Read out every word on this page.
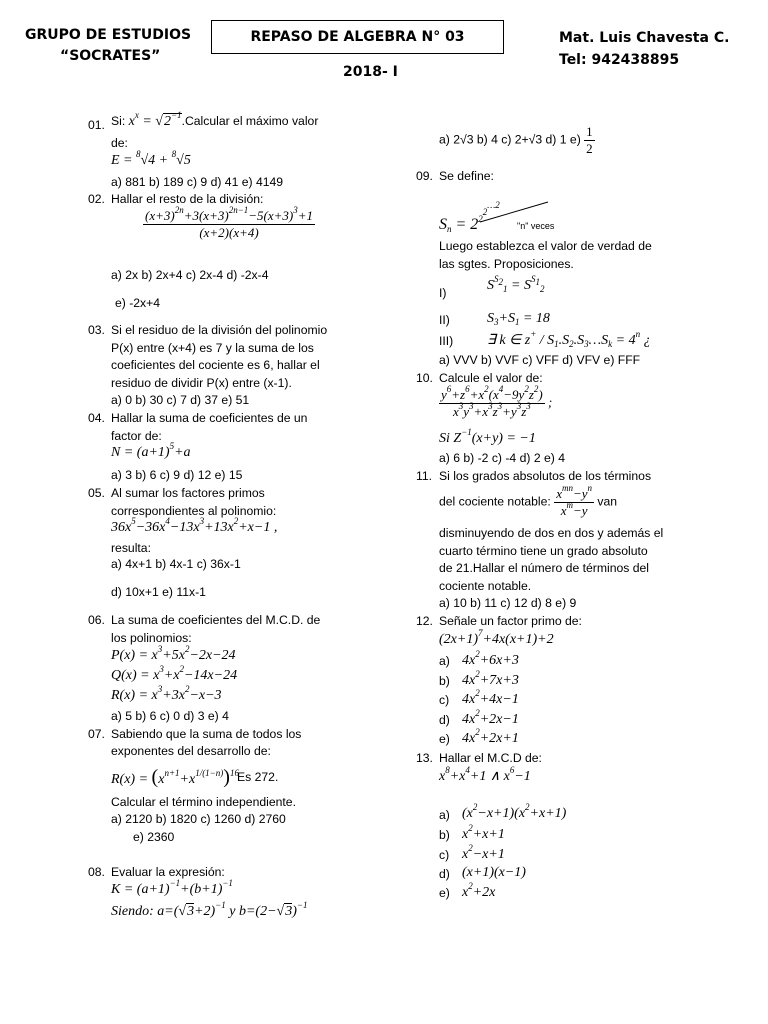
GRUPO DE ESTUDIOS
“SOCRATES”
REPASO DE ALGEBRA N° 03
2018- I
Mat. Luis Chavesta C.
Tel: 942438895
01. Si: $x^x$ = $√2^{-1}.Calcular$ el máximo valor
de:
E = $^8$√4 + $^8$√5
a) 881 b) 189 c) 9 d) 41 e) 4149
02. Hallar el resto de la división:
$\frac{(x+3)^{2n}+3(x+3)^{2n-1}-5(x+3)^3+1}{(x+2)(x+4)}$
a) 2x b) 2x+4 c) 2x-4 d) -2x-4
e) -2x+4
03. Si el residuo de la división del polinomio
P(x) entre (x+4) es 7 y la suma de los
coeficientes del cociente es 6, hallar el
residuo de dividir P(x) entre (x-1).
a) 0 b) 30 c) 7 d) 37 e) 51
04. Hallar la suma de coeficientes de un
factor de:
$N = (a+1)^5+a$
a) 3 b) 6 c) 9 d) 12 e) 15
05. Al sumar los factores primos
correspondientes al polinomio:
$36x^5-36x^4-13x^3+13x^2+x-1$ ,
resulta:
a) 4x+1 b) 4x-1 c) 36x-1
d) 10x+1 e) 11x-1
06. La suma de coeficientes del M.C.D. de
los polinomios:
$P(x) = x^3+5x^2-2x-24$
$Q(x) = x^3+x^2-14x-24$
$R(x) = x^3+3x^2-x-3$
a) 5 b) 6 c) 0 d) 3 e) 4
07. Sabiendo que la suma de todos los
exponentes del desarrollo de:
$R(x) = (x^{n+1}+x^{1/(1-n)})^{16}$
Es 272.
Calcular el término independiente.
a) 2120 b) 1820 c) 1260 d) 2760
e) 2360
08. Evaluar la expresión:
$K = (a+1)^{-1}+(b+1)^{-1}$
Siendo: $a=(√3+2)^{-1}$ y $b=(2-√3)^{-1}$
a) 2√3 b) 4 c) 2+√3 d) 1 $e) \frac{1}{2}$
09. Se define:
$S_n = 2^{2^{2^{\dots 2}}}$
"n" veces
Luego establezca el valor de verdad de
las sgtes. Proposiciones.
I)	$S^{S_2}_1 = S^{S_1}_2$
II)	$S_3+S_1 = 18$
III) ∃ k ∈ $z^+ / S_1.S_2.S_3\dots S_k = 4^n$ ¿
a) VVV b) VVF c) VFF d) VFV e) FFF
10. Calcule el valor de:
$\frac{y^6+z^6+x^2(x^4-9y^2z^2)}{x^3y^3+x^3z^3+y^3z^3}$ ;
Si $Z^{-1}(x+y) = -1$
a) 6 b) -2 c) -4 d) 2 e) 4
11. Si los grados absolutos de los términos
del cociente notable: $\frac{x^{mn}-y^n}{x^m-y}$ van
disminuyendo de dos en dos y además el
cuarto término tiene un grado absoluto
de 21.Hallar el número de términos del
cociente notable.
a) 10 b) 11 c) 12 d) 8 e) 9
12. Señale un factor primo de:
$(2x+1)^7+4x(x+1)+2$
a) $4x^2+6x+3$
b) $4x^2+7x+3$
c) $4x^2+4x-1$
d) $4x^2+2x-1$
e) $4x^2+2x+1$
13. Hallar el M.C.D de:
$x^8+x^4+1$ ∧ $x^6-1$
a) $(x^2-x+1)(x^2+x+1)$
b) $x^2+x+1$
c) $x^2-x+1$
d) (x+1)(x−1)
e) $x^2+2x$
